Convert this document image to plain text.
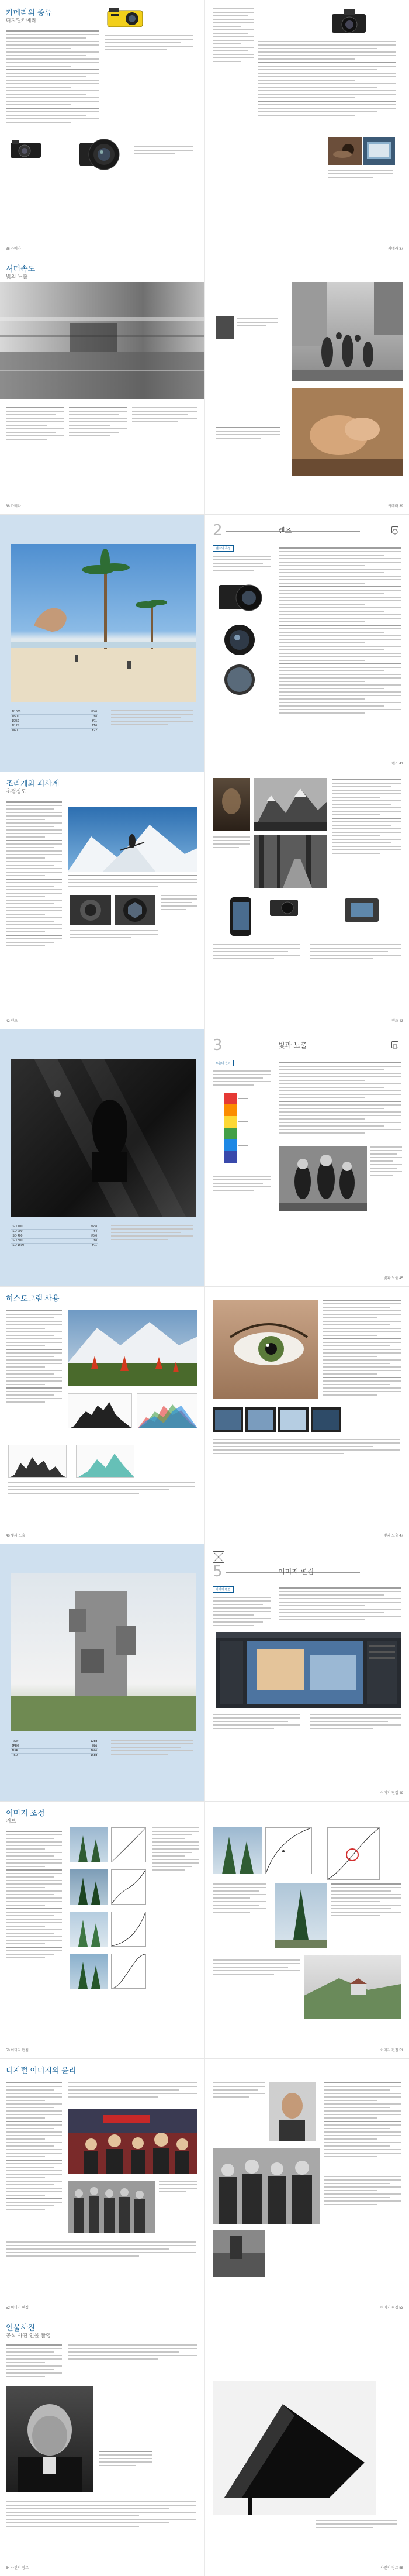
카메라의 종류
디지털카메라
36 카메라	카메라 37
셔터속도
빛의 노출
38 카메라	카메라 39
1/1000	f/5.6
1/500	f/8
1/250	f/11
1/125	f/16
1/60	f/22
2	렌즈
렌즈의 특성
렌즈 41
조리개와 피사계
초점심도
42 렌즈	렌즈 43
ISO 100	f/2.8
ISO 200	f/4
ISO 400	f/5.6
ISO 800	f/8
ISO 1600	f/11
3	빛과 노출
노출의 원리
빛과 노출 45
히스토그램 사용
46 빛과 노출	빛과 노출 47
RAW	12bit
JPEG	8bit
TIFF	16bit
PSD	16bit
5	이미지 편집
이미지 편집
이미지 편집 49
이미지 조정
커브
50 이미지 편집	이미지 편집 51
디지털 이미지의 윤리
52 이미지 편집	이미지 편집 53
인물사진
공식 사진 인물 촬영
54 사진의 장르	사진의 장르 55
